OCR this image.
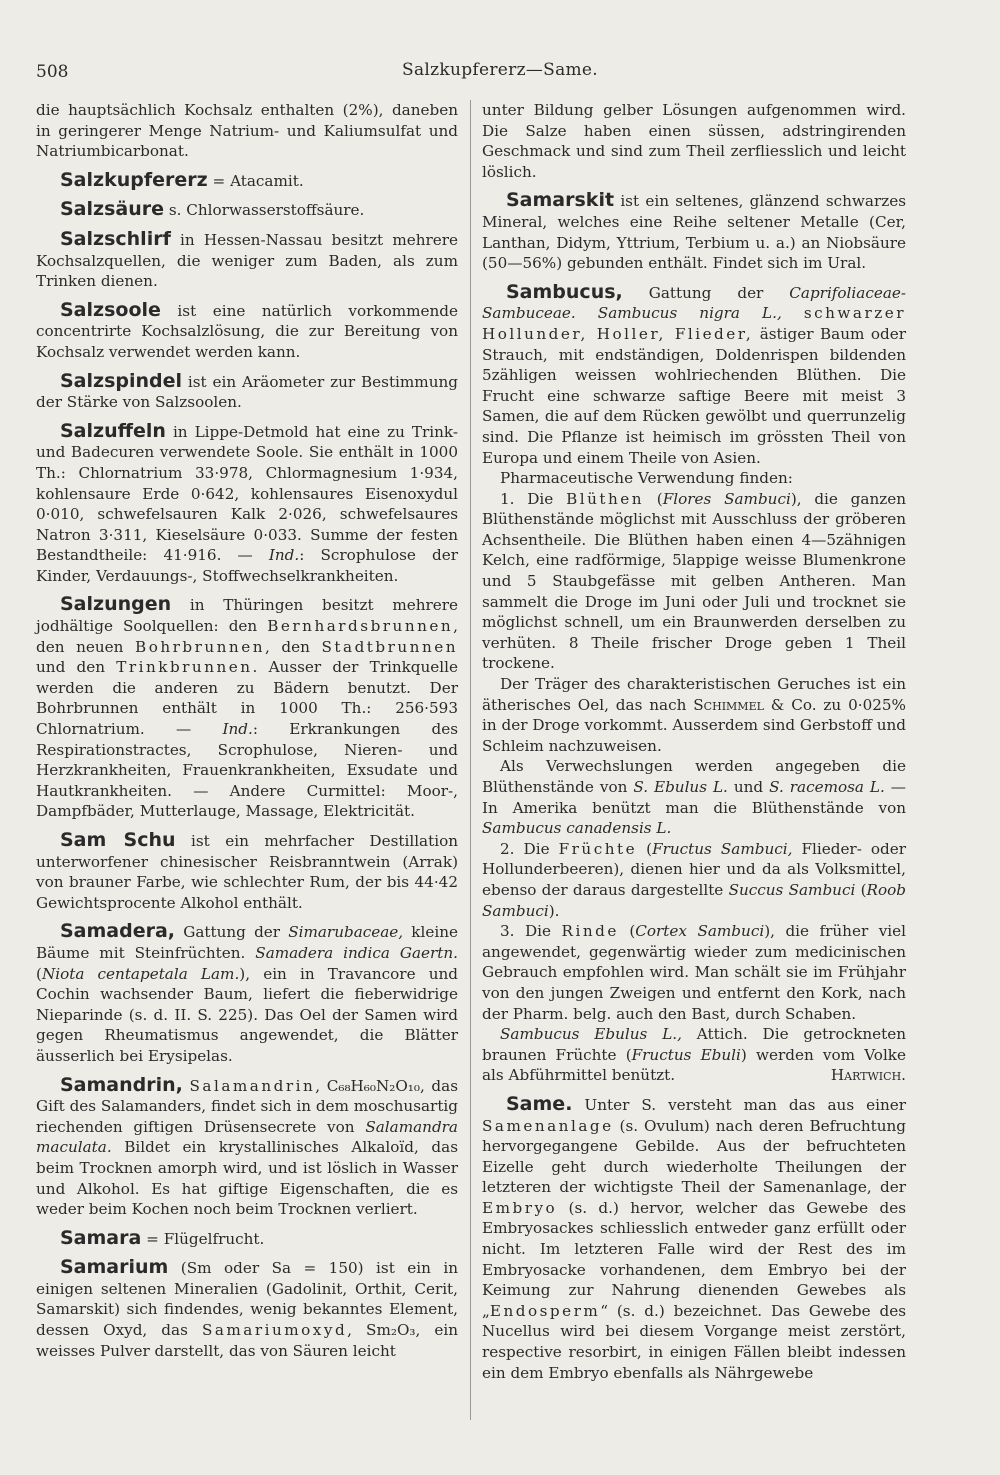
508	Salzkupfererz—Same.

die hauptsächlich Kochsalz enthalten (2%), daneben in geringerer Menge Natrium- und Kaliumsulfat und Natriumbicarbonat.

Salzkupfererz = Atacamit.

Salzsäure s. Chlorwasserstoffsäure.

Salzschlirf in Hessen-Nassau besitzt mehrere Kochsalzquellen, die weniger zum Baden, als zum Trinken dienen.

Salzsoole ist eine natürlich vorkommende concentrirte Kochsalzlösung, die zur Bereitung von Kochsalz verwendet werden kann.

Salzspindel ist ein Aräometer zur Bestimmung der Stärke von Salzsoolen.

Salzuffeln in Lippe-Detmold hat eine zu Trink- und Badecuren verwendete Soole. Sie enthält in 1000 Th.: Chlornatrium 33·978, Chlormagnesium 1·934, kohlensaure Erde 0·642, kohlensaures Eisenoxydul 0·010, schwefelsauren Kalk 2·026, schwefelsaures Natron 3·311, Kieselsäure 0·033. Summe der festen Bestandtheile: 41·916. — Ind.: Scrophulose der Kinder, Verdauungs-, Stoffwechselkrankheiten.

Salzungen in Thüringen besitzt mehrere jodhältige Soolquellen: den Bernhardsbrunnen, den neuen Bohrbrunnen, den Stadtbrunnen und den Trinkbrunnen. Ausser der Trinkquelle werden die anderen zu Bädern benutzt. Der Bohrbrunnen enthält in 1000 Th.: 256·593 Chlornatrium. — Ind.: Erkrankungen des Respirationstractes, Scrophulose, Nieren- und Herzkrankheiten, Frauenkrankheiten, Exsudate und Hautkrankheiten. — Andere Curmittel: Moor-, Dampfbäder, Mutterlauge, Massage, Elektricität.

Sam Schu ist ein mehrfacher Destillation unterworfener chinesischer Reisbranntwein (Arrak) von brauner Farbe, wie schlechter Rum, der bis 44·42 Gewichtsprocente Alkohol enthält.

Samadera, Gattung der Simarubaceae, kleine Bäume mit Steinfrüchten. Samadera indica Gaertn. (Niota centapetala Lam.), ein in Travancore und Cochin wachsender Baum, liefert die fieberwidrige Nieparinde (s. d. II. S. 225). Das Oel der Samen wird gegen Rheumatismus angewendet, die Blätter äusserlich bei Erysipelas.

Samandrin, Salamandrin, C₆₈H₆₀N₂O₁₀, das Gift des Salamanders, findet sich in dem moschusartig riechenden giftigen Drüsensecrete von Salamandra maculata. Bildet ein krystallinisches Alkaloïd, das beim Trocknen amorph wird, und ist löslich in Wasser und Alkohol. Es hat giftige Eigenschaften, die es weder beim Kochen noch beim Trocknen verliert.

Samara = Flügelfrucht.

Samarium (Sm oder Sa = 150) ist ein in einigen seltenen Mineralien (Gadolinit, Orthit, Cerit, Samarskit) sich findendes, wenig bekanntes Element, dessen Oxyd, das Samariumoxyd, Sm₂O₃, ein weisses Pulver darstellt, das von Säuren leicht

unter Bildung gelber Lösungen aufgenommen wird. Die Salze haben einen süssen, adstringirenden Geschmack und sind zum Theil zerfliesslich und leicht löslich.

Samarskit ist ein seltenes, glänzend schwarzes Mineral, welches eine Reihe seltener Metalle (Cer, Lanthan, Didym, Yttrium, Terbium u. a.) an Niobsäure (50—56%) gebunden enthält. Findet sich im Ural.

Sambucus, Gattung der Caprifoliaceae-Sambuceae. Sambucus nigra L., schwarzer Hollunder, Holler, Flieder, ästiger Baum oder Strauch, mit endständigen, Doldenrispen bildenden 5zähligen weissen wohlriechenden Blüthen. Die Frucht eine schwarze saftige Beere mit meist 3 Samen, die auf dem Rücken gewölbt und querrunzelig sind. Die Pflanze ist heimisch im grössten Theil von Europa und einem Theile von Asien.

Pharmaceutische Verwendung finden:

1. Die Blüthen (Flores Sambuci), die ganzen Blüthenstände möglichst mit Ausschluss der gröberen Achsentheile. Die Blüthen haben einen 4—5zähnigen Kelch, eine radförmige, 5lappige weisse Blumenkrone und 5 Staubgefässe mit gelben Antheren. Man sammelt die Droge im Juni oder Juli und trocknet sie möglichst schnell, um ein Braunwerden derselben zu verhüten. 8 Theile frischer Droge geben 1 Theil trockene.

Der Träger des charakteristischen Geruches ist ein ätherisches Oel, das nach Schimmel & Co. zu 0·025% in der Droge vorkommt. Ausserdem sind Gerbstoff und Schleim nachzuweisen.

Als Verwechslungen werden angegeben die Blüthenstände von S. Ebulus L. und S. racemosa L. — In Amerika benützt man die Blüthenstände von Sambucus canadensis L.

2. Die Früchte (Fructus Sambuci, Flieder- oder Hollunderbeeren), dienen hier und da als Volksmittel, ebenso der daraus dargestellte Succus Sambuci (Roob Sambuci).

3. Die Rinde (Cortex Sambuci), die früher viel angewendet, gegenwärtig wieder zum medicinischen Gebrauch empfohlen wird. Man schält sie im Frühjahr von den jungen Zweigen und entfernt den Kork, nach der Pharm. belg. auch den Bast, durch Schaben.

Sambucus Ebulus L., Attich. Die getrockneten braunen Früchte (Fructus Ebuli) werden vom Volke als Abführmittel benützt.	Hartwich.

Same. Unter S. versteht man das aus einer Samenanlage (s. Ovulum) nach deren Befruchtung hervorgegangene Gebilde. Aus der befruchteten Eizelle geht durch wiederholte Theilungen der letzteren der wichtigste Theil der Samenanlage, der Embryo (s. d.) hervor, welcher das Gewebe des Embryosackes schliesslich entweder ganz erfüllt oder nicht. Im letzteren Falle wird der Rest des im Embryosacke vorhandenen, dem Embryo bei der Keimung zur Nahrung dienenden Gewebes als „Endosperm“ (s. d.) bezeichnet. Das Gewebe des Nucellus wird bei diesem Vorgange meist zerstört, respective resorbirt, in einigen Fällen bleibt indessen ein dem Embryo ebenfalls als Nährgewebe
